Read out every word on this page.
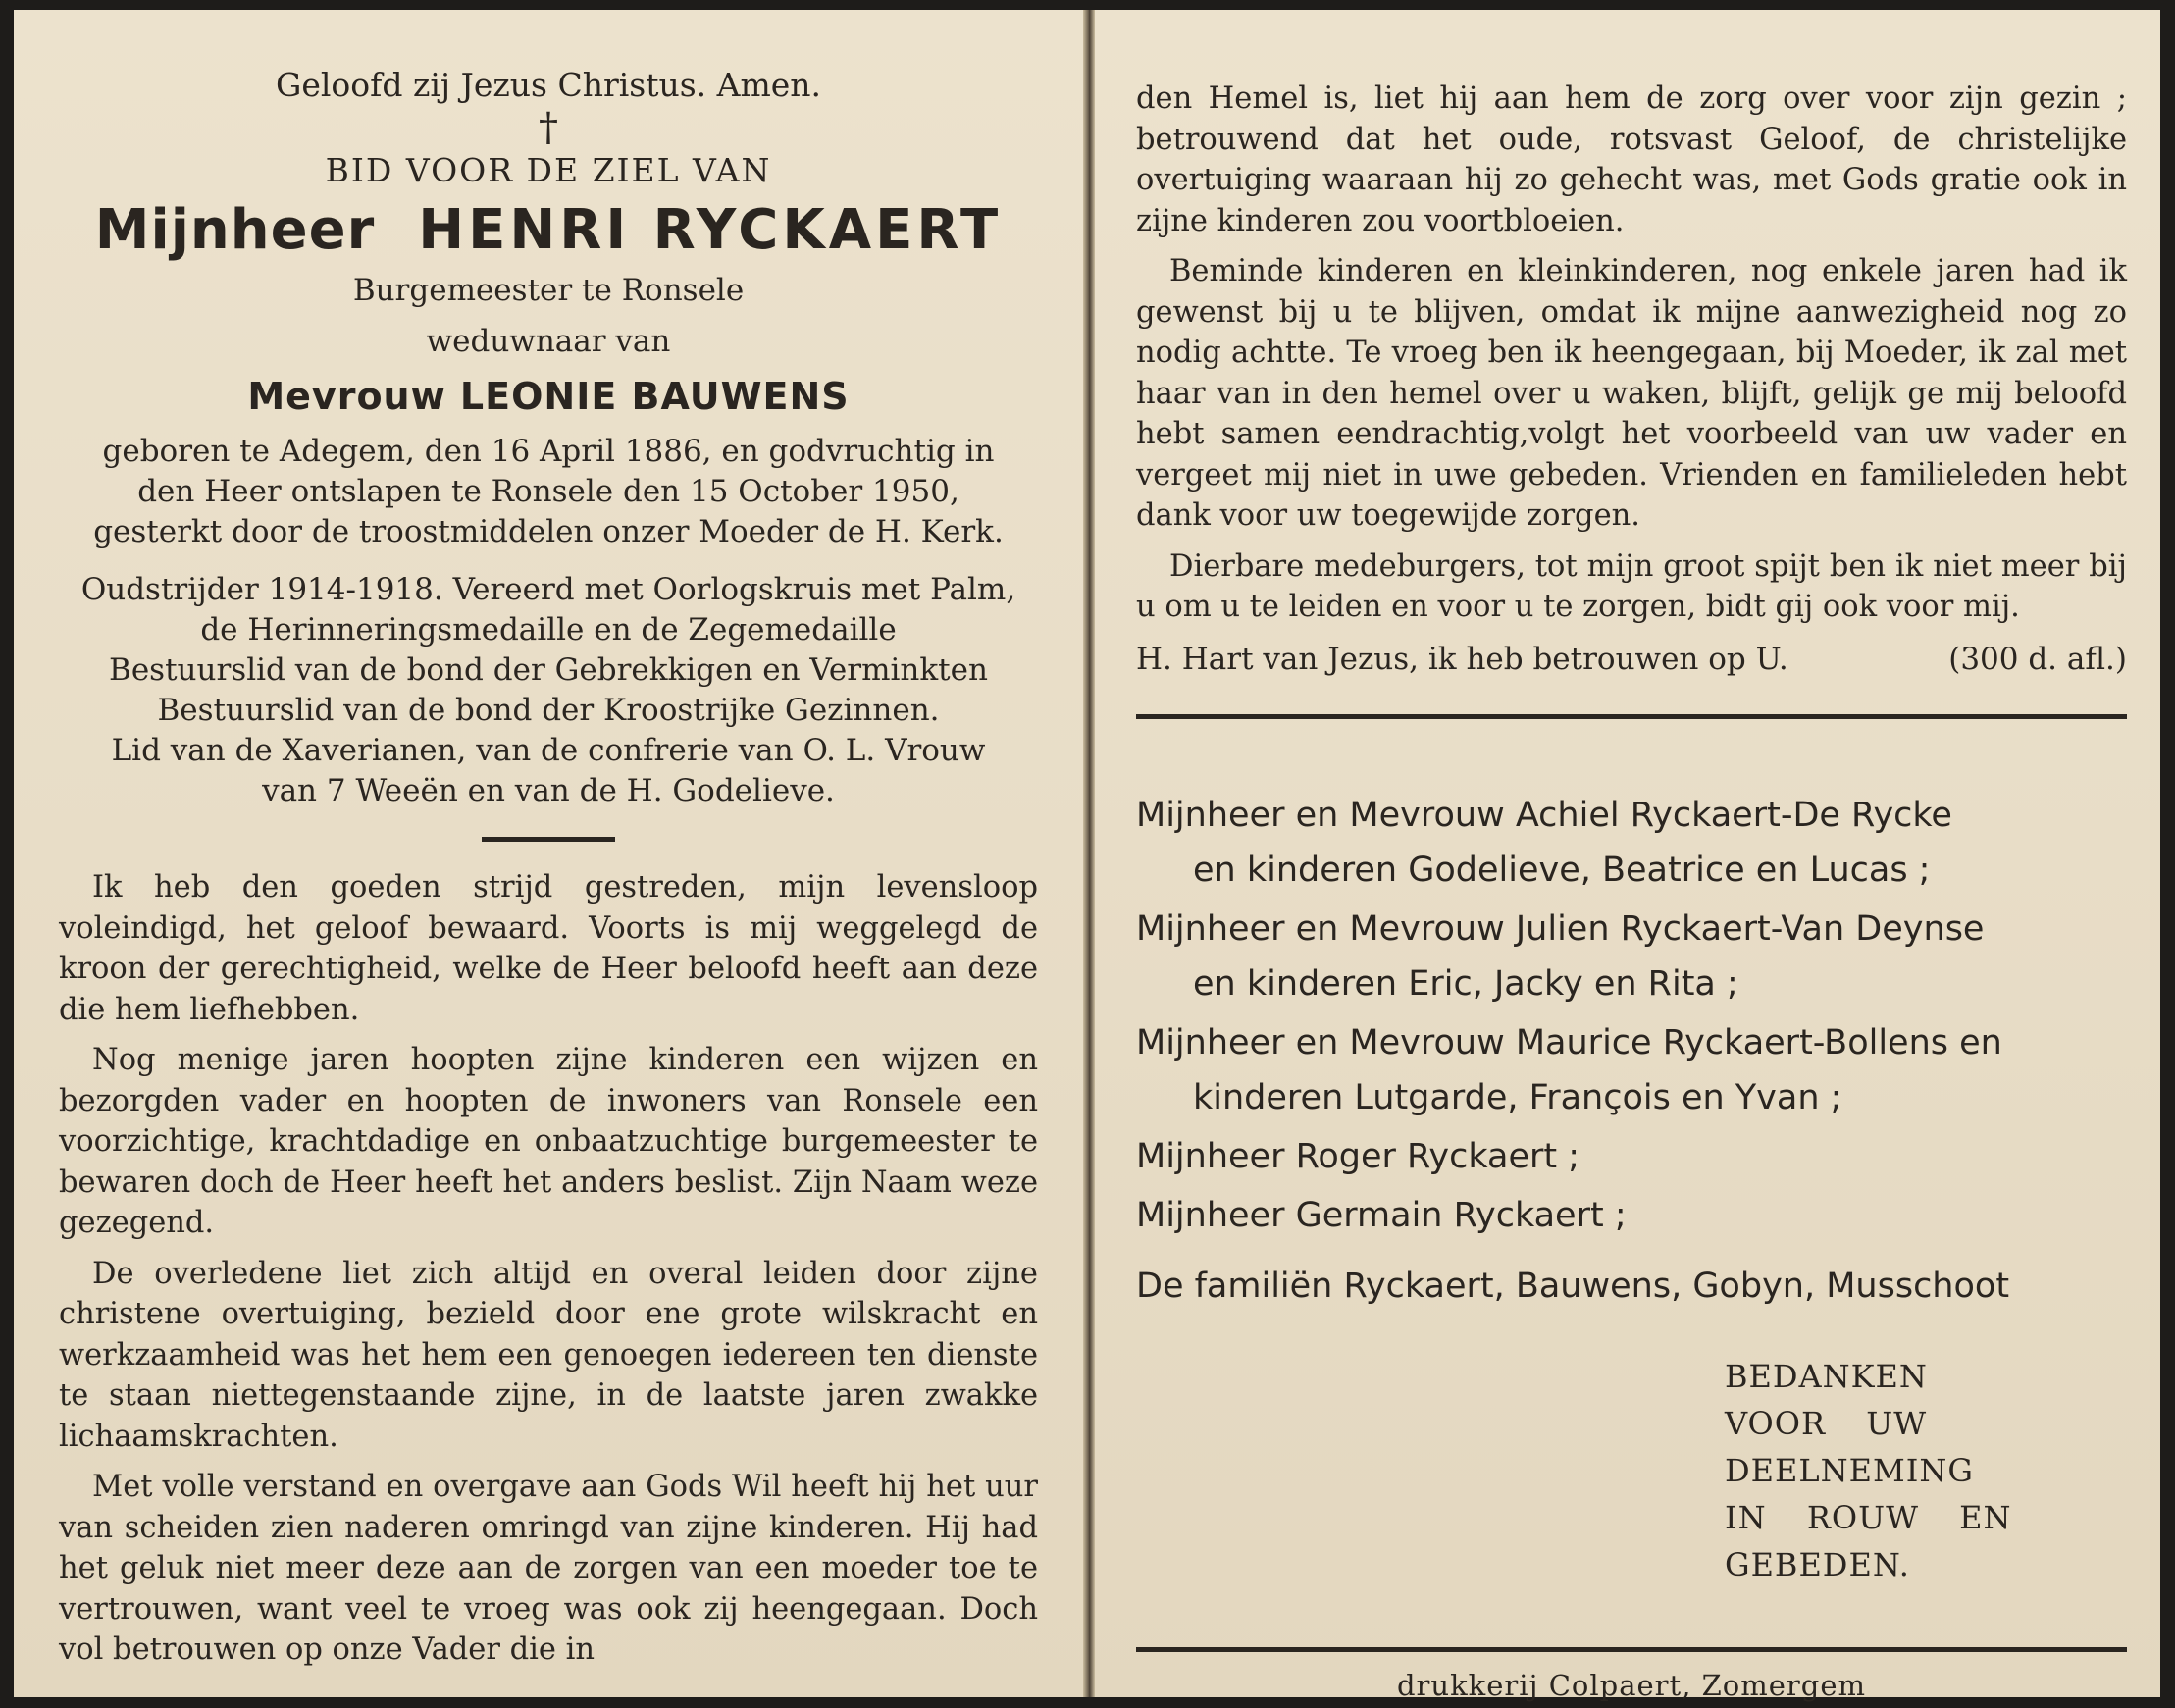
Geloofd zij Jezus Christus. Amen.
†
BID VOOR DE ZIEL VAN
Mijnheer HENRI RYCKAERT
Burgemeester te Ronsele
weduwnaar van
Mevrouw LEONIE BAUWENS
geboren te Adegem, den 16 April 1886, en godvruchtig in
den Heer ontslapen te Ronsele den 15 October 1950,
gesterkt door de troostmiddelen onzer Moeder de H. Kerk.
Oudstrijder 1914-1918. Vereerd met Oorlogskruis met Palm,
de Herinneringsmedaille en de Zegemedaille
Bestuurslid van de bond der Gebrekkigen en Verminkten
Bestuurslid van de bond der Kroostrijke Gezinnen.
Lid van de Xaverianen, van de confrerie van O. L. Vrouw
van 7 Weeën en van de H. Godelieve.

Ik heb den goeden strijd gestreden, mijn levensloop voleindigd, het geloof bewaard. Voorts is mij weggelegd de kroon der gerechtigheid, welke de Heer beloofd heeft aan deze die hem liefhebben.

Nog menige jaren hoopten zijne kinderen een wijzen en bezorgden vader en hoopten de inwoners van Ronsele een voorzichtige, krachtdadige en onbaatzuchtige burgemeester te bewaren doch de Heer heeft het anders beslist. Zijn Naam weze gezegend.

De overledene liet zich altijd en overal leiden door zijne christene overtuiging, bezield door ene grote wilskracht en werkzaamheid was het hem een genoegen iedereen ten dienste te staan niettegenstaande zijne, in de laatste jaren zwakke lichaamskrachten.

Met volle verstand en overgave aan Gods Wil heeft hij het uur van scheiden zien naderen omringd van zijne kinderen. Hij had het geluk niet meer deze aan de zorgen van een moeder toe te vertrouwen, want veel te vroeg was ook zij heengegaan. Doch vol betrouwen op onze Vader die in

den Hemel is, liet hij aan hem de zorg over voor zijn gezin ; betrouwend dat het oude, rotsvast Geloof, de christelijke overtuiging waaraan hij zo gehecht was, met Gods gratie ook in zijne kinderen zou voortbloeien.

Beminde kinderen en kleinkinderen, nog enkele jaren had ik gewenst bij u te blijven, omdat ik mijne aanwezigheid nog zo nodig achtte. Te vroeg ben ik heengegaan, bij Moeder, ik zal met haar van in den hemel over u waken, blijft, gelijk ge mij beloofd hebt samen eendrachtig,volgt het voorbeeld van uw vader en vergeet mij niet in uwe gebeden. Vrienden en familieleden hebt dank voor uw toegewijde zorgen.

Dierbare medeburgers, tot mijn groot spijt ben ik niet meer bij u om u te leiden en voor u te zorgen, bidt gij ook voor mij.

H. Hart van Jezus, ik heb betrouwen op U.	(300 d. afl.)

Mijnheer en Mevrouw Achiel Ryckaert-De Rycke

en kinderen Godelieve, Beatrice en Lucas ;

Mijnheer en Mevrouw Julien Ryckaert-Van Deynse

en kinderen Eric, Jacky en Rita ;

Mijnheer en Mevrouw Maurice Ryckaert-Bollens en

kinderen Lutgarde, François en Yvan ;

Mijnheer Roger Ryckaert ;

Mijnheer Germain Ryckaert ;

De familiën Ryckaert, Bauwens, Gobyn, Musschoot

BEDANKEN
VOOR UW DEELNEMING
IN ROUW EN GEBEDEN.
drukkerij Colpaert, Zomergem
